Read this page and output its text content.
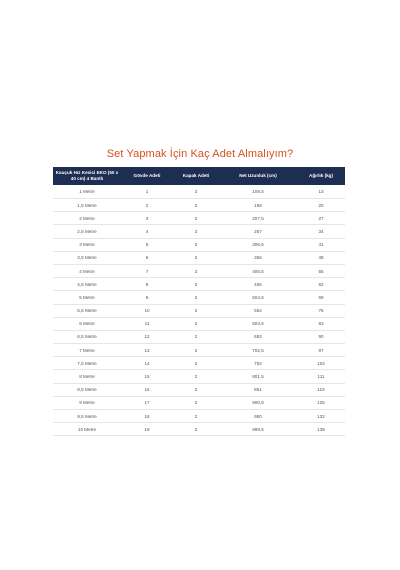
Set Yapmak İçin Kaç Adet Almalıyım?
Kauçuk Hız Kesici EKO (50 x 40 cm) 4 Bantlı	Gövde Adeti	Kapak Adeti	Net Uzunluk (cm)	Ağırlık (kg)
1 Metre	1	2	108,5	13
1,5 Metre	2	2	158	20
2 Metre	3	2	207,5	27
2,5 Metre	4	2	257	34
3 Metre	5	2	306,5	41
3,5 Metre	6	2	356	48
4 Metre	7	2	405,5	55
4,5 Metre	8	2	455	62
5 Metre	9	2	504,5	69
5,5 Metre	10	2	554	76
6 Metre	11	2	603,5	83
6,5 Metre	12	2	653	90
7 Metre	13	2	702,5	97
7,5 Metre	14	2	752	104
8 Metre	15	2	801,5	111
8,5 Metre	16	2	851	118
9 Metre	17	2	900,5	125
9,5 Metre	18	2	950	132
10 Metre	19	2	999,5	139
